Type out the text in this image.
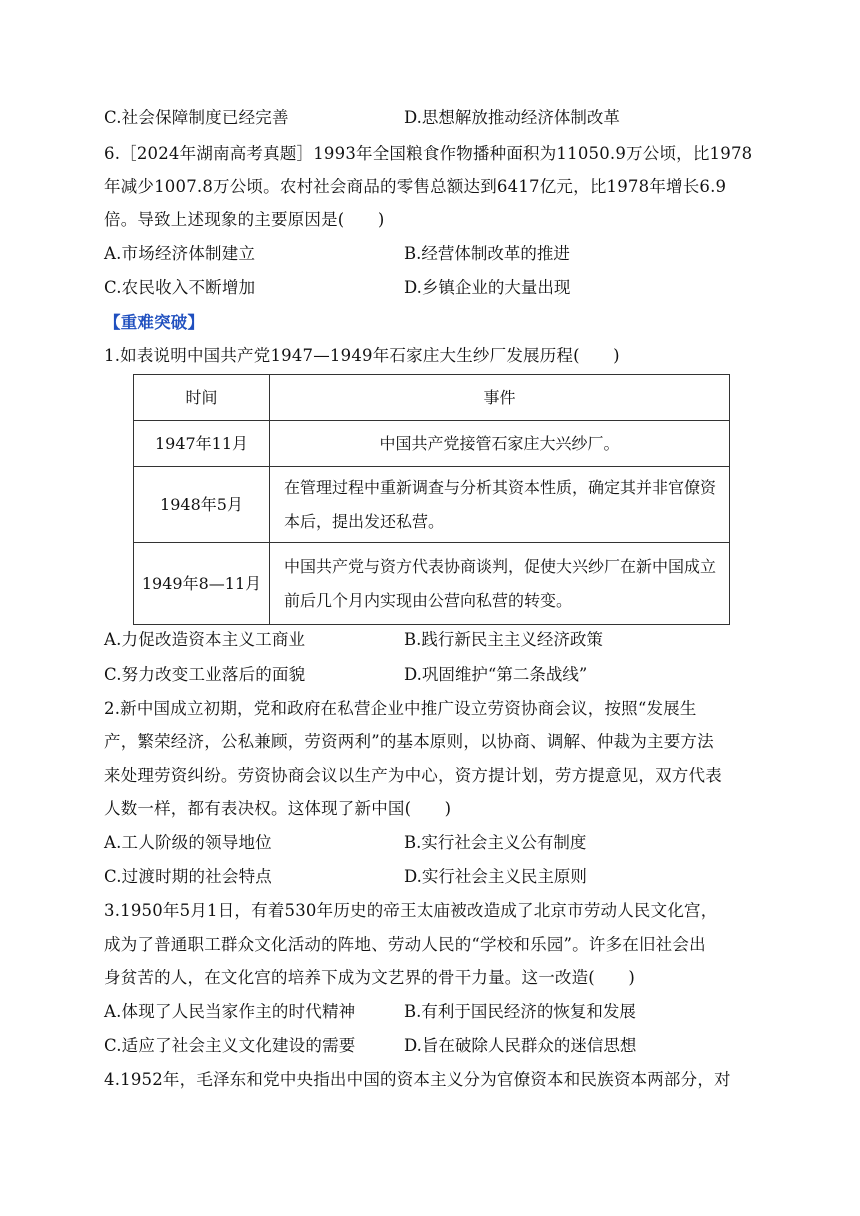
C.社会保障制度已经完善	D.思想解放推动经济体制改革
6.［2024年湖南高考真题］1993年全国粮食作物播种面积为11050.9万公顷，比1978
年减少1007.8万公顷。农村社会商品的零售总额达到6417亿元，比1978年增长6.9
倍。导致上述现象的主要原因是(　　)
A.市场经济体制建立	B.经营体制改革的推进
C.农民收入不断增加	D.乡镇企业的大量出现
【重难突破】
1.如表说明中国共产党1947—1949年石家庄大生纱厂发展历程(　　)
时间	事件
1947年11月	中国共产党接管石家庄大兴纱厂。
1948年5月	在管理过程中重新调查与分析其资本性质，确定其并非官僚资本后，提出发还私营。
1949年8—11月	中国共产党与资方代表协商谈判，促使大兴纱厂在新中国成立前后几个月内实现由公营向私营的转变。
A.力促改造资本主义工商业	B.践行新民主主义经济政策
C.努力改变工业落后的面貌	D.巩固维护“第二条战线”
2.新中国成立初期，党和政府在私营企业中推广设立劳资协商会议，按照“发展生
产，繁荣经济，公私兼顾，劳资两利”的基本原则，以协商、调解、仲裁为主要方法
来处理劳资纠纷。劳资协商会议以生产为中心，资方提计划，劳方提意见，双方代表
人数一样，都有表决权。这体现了新中国(　　)
A.工人阶级的领导地位	B.实行社会主义公有制度
C.过渡时期的社会特点	D.实行社会主义民主原则
3.1950年5月1日，有着530年历史的帝王太庙被改造成了北京市劳动人民文化宫，
成为了普通职工群众文化活动的阵地、劳动人民的“学校和乐园”。许多在旧社会出
身贫苦的人，在文化宫的培养下成为文艺界的骨干力量。这一改造(　　)
A.体现了人民当家作主的时代精神	B.有利于国民经济的恢复和发展
C.适应了社会主义文化建设的需要	D.旨在破除人民群众的迷信思想
4.1952年，毛泽东和党中央指出中国的资本主义分为官僚资本和民族资本两部分，对
